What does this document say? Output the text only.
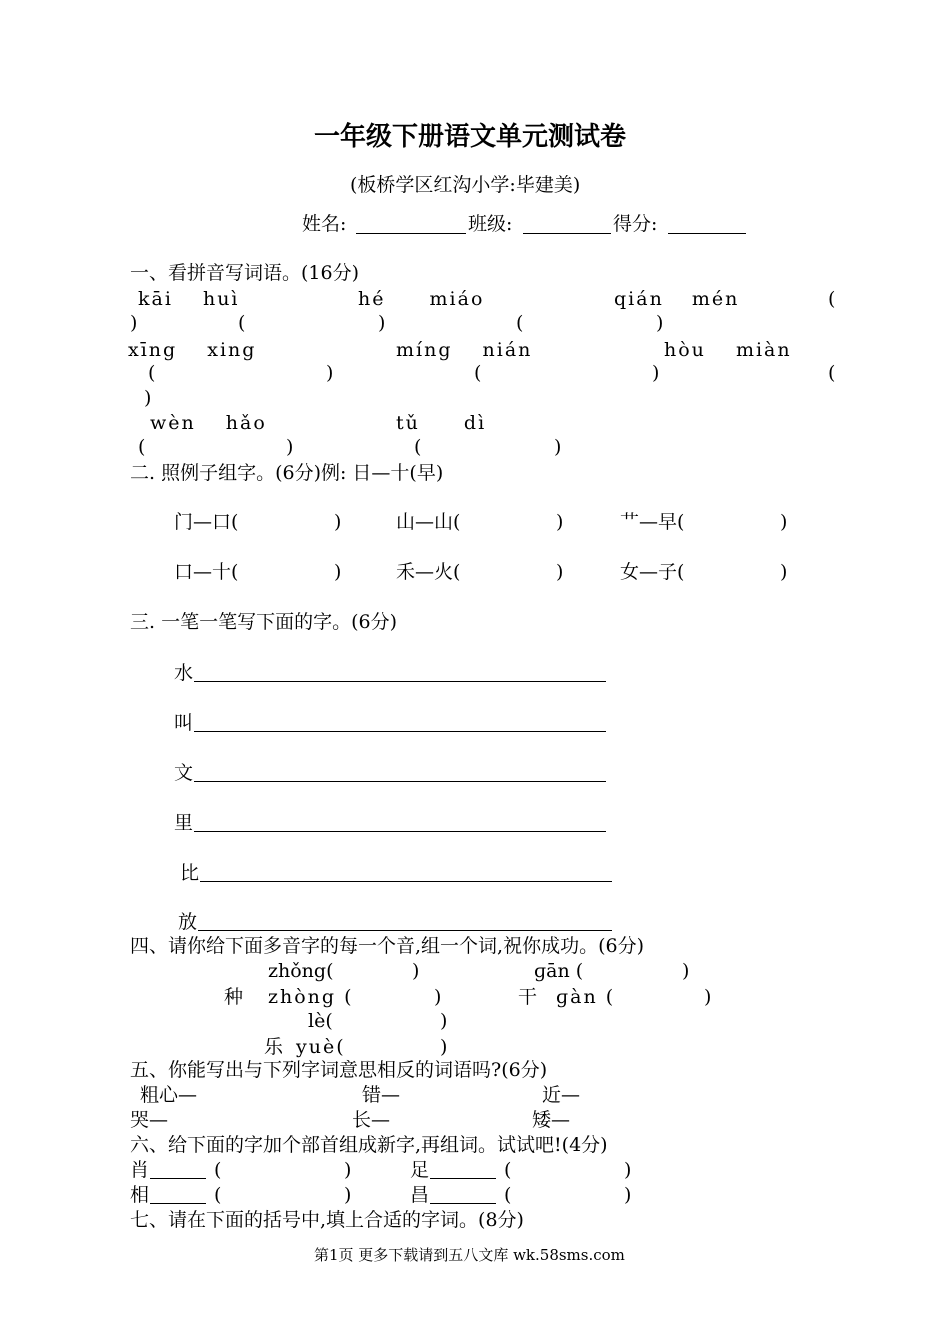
一年级下册语文单元测试卷
(板桥学区红沟小学:毕建美)
姓名:	班级:	得分:
一、看拼音写词语。(16分)
kāi huì	hé miáo	qián mén	(
)	(	)	(	)
xīng xing	míng nián	hòu miàn
(	)	(	)	(
)
wèn hǎo	tǔ dì
(	)	(	)
二. 照例子组字。(6分)例: 日—十(早)
门—口(	)	山—山(	)	艹—早(	)
口—十(	)	禾—火(	)	女—子(	)
三. 一笔一笔写下面的字。(6分)
水
叫
文
里
比
放
四、请你给下面多音字的每一个音,组一个词,祝你成功。(6分)
zhǒng(	)	ɡān (	)
种 zhòng (	)	干 ɡàn (	)
lè(	)
乐 yuè(	)
五、你能写出与下列字词意思相反的词语吗?(6分)
粗心—	错—	近—
哭—	长—	矮—
六、给下面的字加个部首组成新字,再组词。试试吧!(4分)
肖	(	)	足	(	)
相	(	)	昌	(	)
七、请在下面的括号中,填上合适的字词。(8分)
第1页 更多下载请到五八文库 wk.58sms.com
